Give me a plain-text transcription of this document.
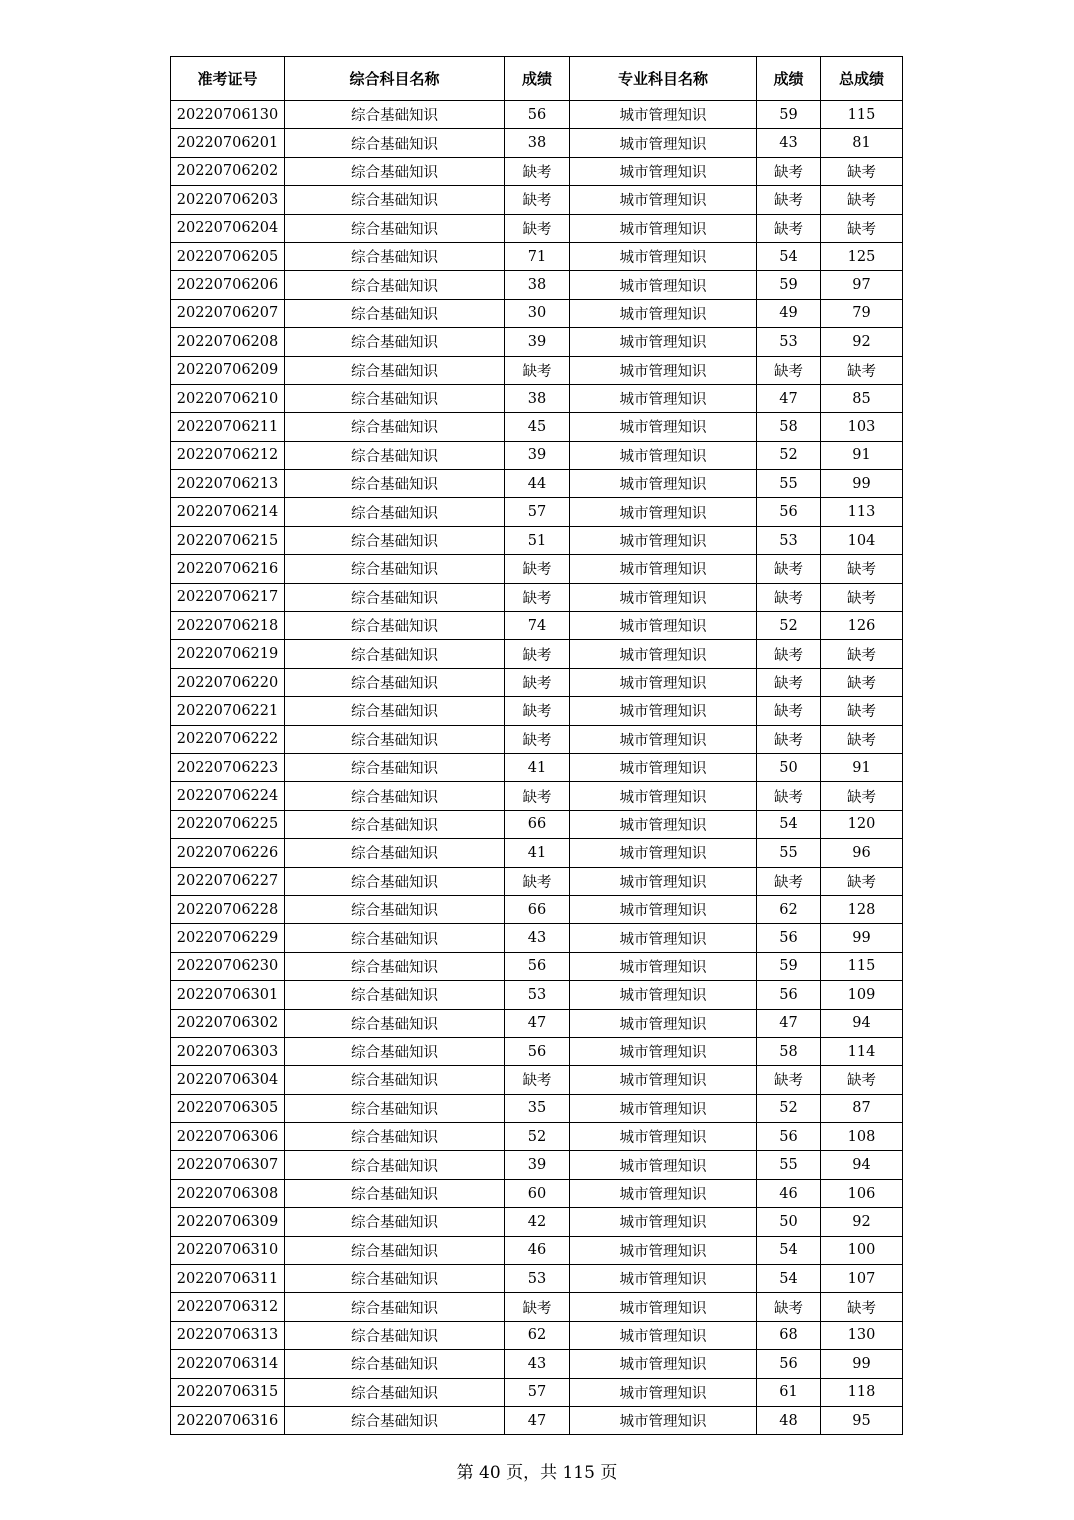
准考证号	综合科目名称	成绩	专业科目名称	成绩	总成绩
20220706130	综合基础知识	56	城市管理知识	59	115
20220706201	综合基础知识	38	城市管理知识	43	81
20220706202	综合基础知识	缺考	城市管理知识	缺考	缺考
20220706203	综合基础知识	缺考	城市管理知识	缺考	缺考
20220706204	综合基础知识	缺考	城市管理知识	缺考	缺考
20220706205	综合基础知识	71	城市管理知识	54	125
20220706206	综合基础知识	38	城市管理知识	59	97
20220706207	综合基础知识	30	城市管理知识	49	79
20220706208	综合基础知识	39	城市管理知识	53	92
20220706209	综合基础知识	缺考	城市管理知识	缺考	缺考
20220706210	综合基础知识	38	城市管理知识	47	85
20220706211	综合基础知识	45	城市管理知识	58	103
20220706212	综合基础知识	39	城市管理知识	52	91
20220706213	综合基础知识	44	城市管理知识	55	99
20220706214	综合基础知识	57	城市管理知识	56	113
20220706215	综合基础知识	51	城市管理知识	53	104
20220706216	综合基础知识	缺考	城市管理知识	缺考	缺考
20220706217	综合基础知识	缺考	城市管理知识	缺考	缺考
20220706218	综合基础知识	74	城市管理知识	52	126
20220706219	综合基础知识	缺考	城市管理知识	缺考	缺考
20220706220	综合基础知识	缺考	城市管理知识	缺考	缺考
20220706221	综合基础知识	缺考	城市管理知识	缺考	缺考
20220706222	综合基础知识	缺考	城市管理知识	缺考	缺考
20220706223	综合基础知识	41	城市管理知识	50	91
20220706224	综合基础知识	缺考	城市管理知识	缺考	缺考
20220706225	综合基础知识	66	城市管理知识	54	120
20220706226	综合基础知识	41	城市管理知识	55	96
20220706227	综合基础知识	缺考	城市管理知识	缺考	缺考
20220706228	综合基础知识	66	城市管理知识	62	128
20220706229	综合基础知识	43	城市管理知识	56	99
20220706230	综合基础知识	56	城市管理知识	59	115
20220706301	综合基础知识	53	城市管理知识	56	109
20220706302	综合基础知识	47	城市管理知识	47	94
20220706303	综合基础知识	56	城市管理知识	58	114
20220706304	综合基础知识	缺考	城市管理知识	缺考	缺考
20220706305	综合基础知识	35	城市管理知识	52	87
20220706306	综合基础知识	52	城市管理知识	56	108
20220706307	综合基础知识	39	城市管理知识	55	94
20220706308	综合基础知识	60	城市管理知识	46	106
20220706309	综合基础知识	42	城市管理知识	50	92
20220706310	综合基础知识	46	城市管理知识	54	100
20220706311	综合基础知识	53	城市管理知识	54	107
20220706312	综合基础知识	缺考	城市管理知识	缺考	缺考
20220706313	综合基础知识	62	城市管理知识	68	130
20220706314	综合基础知识	43	城市管理知识	56	99
20220706315	综合基础知识	57	城市管理知识	61	118
20220706316	综合基础知识	47	城市管理知识	48	95
第 40 页，共 115 页
